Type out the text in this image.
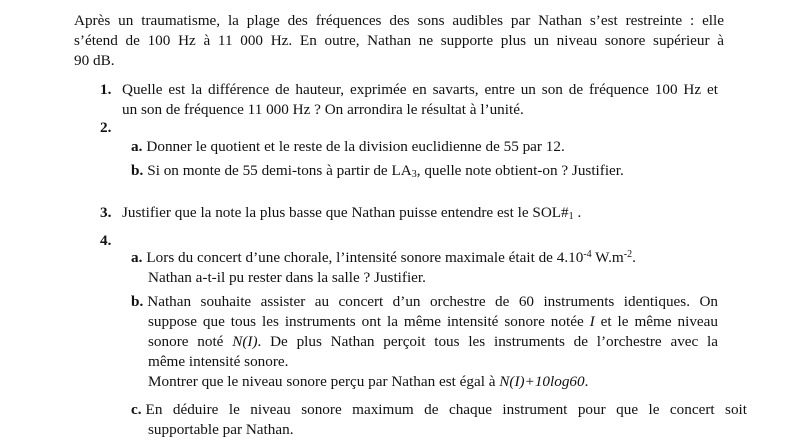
Après un traumatisme, la plage des fréquences des sons audibles par Nathan s’est restreinte : elle
s’étend de 100 Hz à 11 000 Hz. En outre, Nathan ne supporte plus un niveau sonore supérieur à
90 dB.
1. Quelle est la différence de hauteur, exprimée en savarts, entre un son de fréquence 100 Hz et
un son de fréquence 11 000 Hz ? On arrondira le résultat à l’unité.
2.
a. Donner le quotient et le reste de la division euclidienne de 55 par 12.
b. Si on monte de 55 demi-tons à partir de $LA_3$, quelle note obtient-on ? Justifier.
3. Justifier que la note la plus basse que Nathan puisse entendre est le $SOL\#_1$ .
4.
a. Lors du concert d’une chorale, l’intensité sonore maximale était de $4.10^{-4}$ $W.m^{-2}$.
Nathan a-t-il pu rester dans la salle ? Justifier.
b. Nathan souhaite assister au concert d’un orchestre de 60 instruments identiques. On
suppose que tous les instruments ont la même intensité sonore notée I et le même niveau
sonore noté N(I). De plus Nathan perçoit tous les instruments de l’orchestre avec la
même intensité sonore.
Montrer que le niveau sonore perçu par Nathan est égal à N(I)+10log60.
c. En déduire le niveau sonore maximum de chaque instrument pour que le concert soit
supportable par Nathan.
